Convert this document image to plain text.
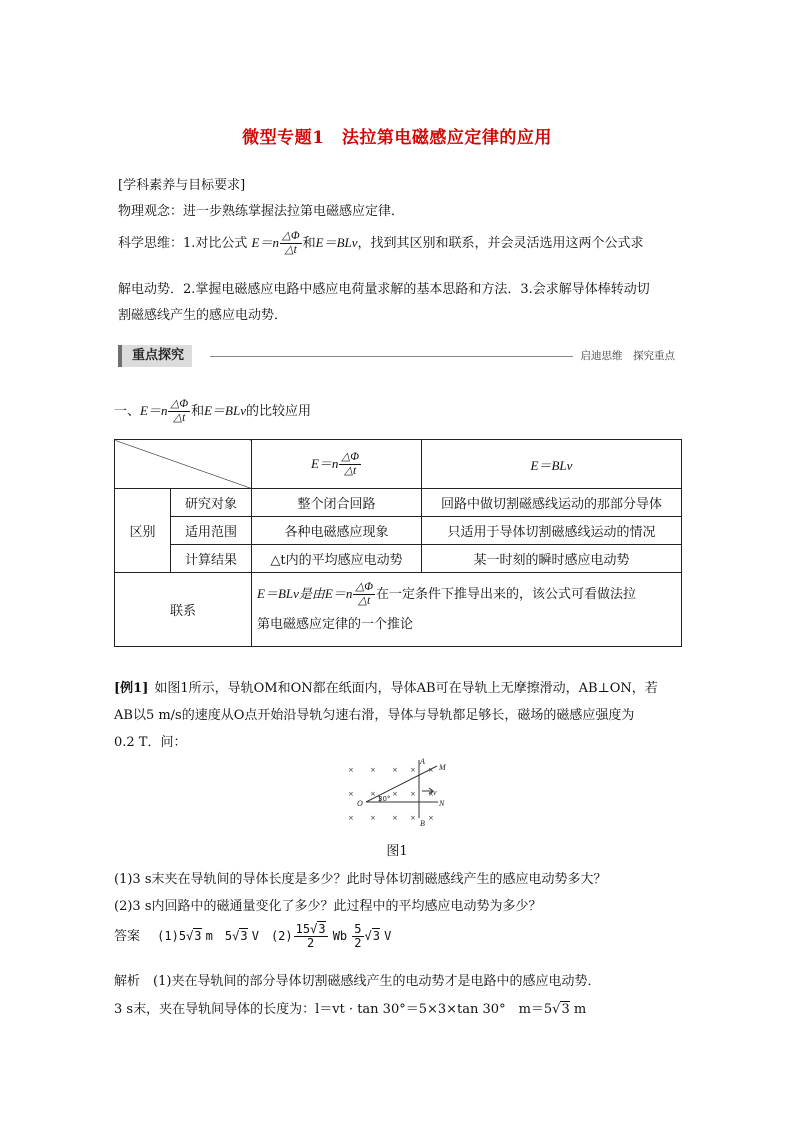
微型专题1　法拉第电磁感应定律的应用
[学科素养与目标要求]
物理观念：进一步熟练掌握法拉第电磁感应定律．
科学思维：1.对比公式 $E=n \frac{\triangle\Phi}{\triangle t}$ 和E＝BLv，找到其区别和联系，并会灵活选用这两个公式求
解电动势．2.掌握电磁感应电路中感应电荷量求解的基本思路和方法．3.会求解导体棒转动切
割磁感线产生的感应电动势．
重点探究	启迪思维　探究重点
一、$E=n \frac{\triangle\Phi}{\triangle t}$ 和E＝BLv的比较应用
		$E=n \frac{\triangle\Phi}{\triangle t}$	E＝BLv
区别	研究对象	整个闭合回路	回路中做切割磁感线运动的那部分导体
	适用范围	各种电磁感应现象	只适用于导体切割磁感线运动的情况
	计算结果	△t内的平均感应电动势	某一时刻的瞬时感应电动势
联系		E＝BLv是由$E=n \frac{\triangle\Phi}{\triangle t}$ 在一定条件下推导出来的，该公式可看做法拉
第电磁感应定律的一个推论	
[例1] 如图1所示，导轨OM和ON都在纸面内，导体AB可在导轨上无摩擦滑动，AB⊥ON，若
AB以5 m/s的速度从O点开始沿导轨匀速右滑，导体与导轨都足够长，磁场的磁感应强度为
0.2 T．问：
× × × × ×
× × × × ×
× × × × ×
O
A
B
M
N
v
30°
图1
(1)3 s末夹在导轨间的导体长度是多少？此时导体切割磁感线产生的感应电动势多大？
(2)3 s内回路中的磁通量变化了多少？此过程中的平均感应电动势为多少？
答案　 (1)5√3 m　5√3 V　$(2) \frac{15√3}{2}$ Wb $\frac{5}{2} √3$ V
解析　 (1)夹在导轨间的部分导体切割磁感线产生的电动势才是电路中的感应电动势．
3 s末，夹在导轨间导体的长度为：l＝vt · tan 30°＝5×3×tan 30°　m＝5√3 m
